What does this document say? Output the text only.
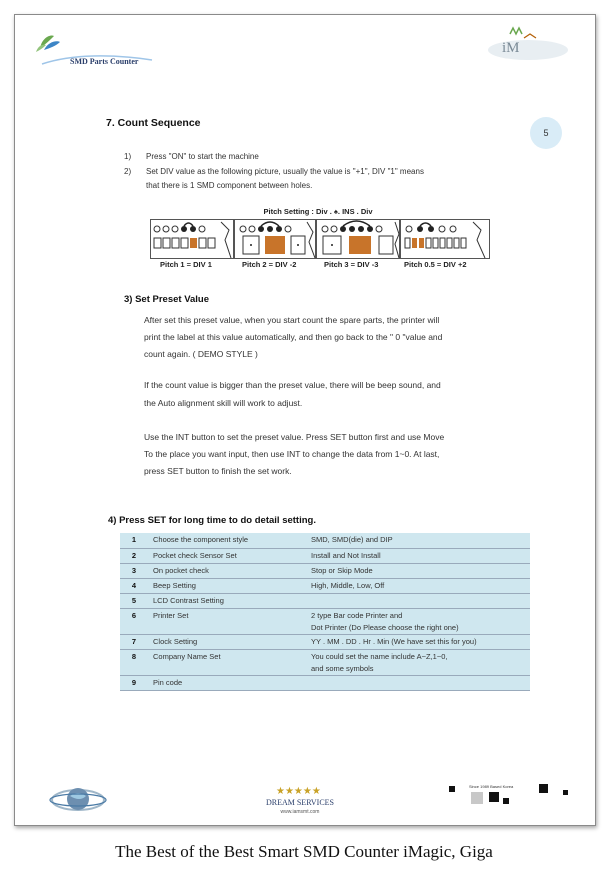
SMD Parts Counter
iM
5
7. Count Sequence
1) Press "ON" to start the machine
2) Set DIV value as the following picture, usually the value is "+1", DIV "1" means
that there is 1 SMD component between holes.
Pitch Setting : Div . ♠. INS . Div
Pitch 1 = DIV 1	Pitch 2 = DIV -2	Pitch 3 = DIV -3	Pitch 0.5 = DIV +2
3) Set Preset Value
After set this preset value, when you start count the spare parts, the printer will
print the label at this value automatically, and then go back to the " 0 "value and
count again. ( DEMO STYLE )
If the count value is bigger than the preset value, there will be beep sound, and
the Auto alignment skill will work to adjust.
Use the INT button to set the preset value. Press SET button first and use Move
To the place you want input, then use INT to change the data from 1~0. At last,
press SET button to finish the set work.
4) Press SET for long time to do detail setting.
1	Choose the component style	SMD, SMD(die) and DIP
2	Pocket check Sensor Set	Install and Not Install
3	On pocket check	Stop or Skip Mode
4	Beep Setting	High, Middle, Low, Off
5	LCD Contrast Setting	
6	Printer Set	2 type Bar code Printer and
Dot Printer (Do Please choose the right one)

7	Clock Setting	YY . MM . DD . Hr . Min (We have set this for you)
8	Company Name Set	You could set the name include A~Z,1~0,
and some symbols

9	Pin code	
★★★★★
DREAM SERVICES
www.iamsmt.com
Since 1989 Based Korea
The Best of the Best Smart SMD Counter iMagic, Giga
